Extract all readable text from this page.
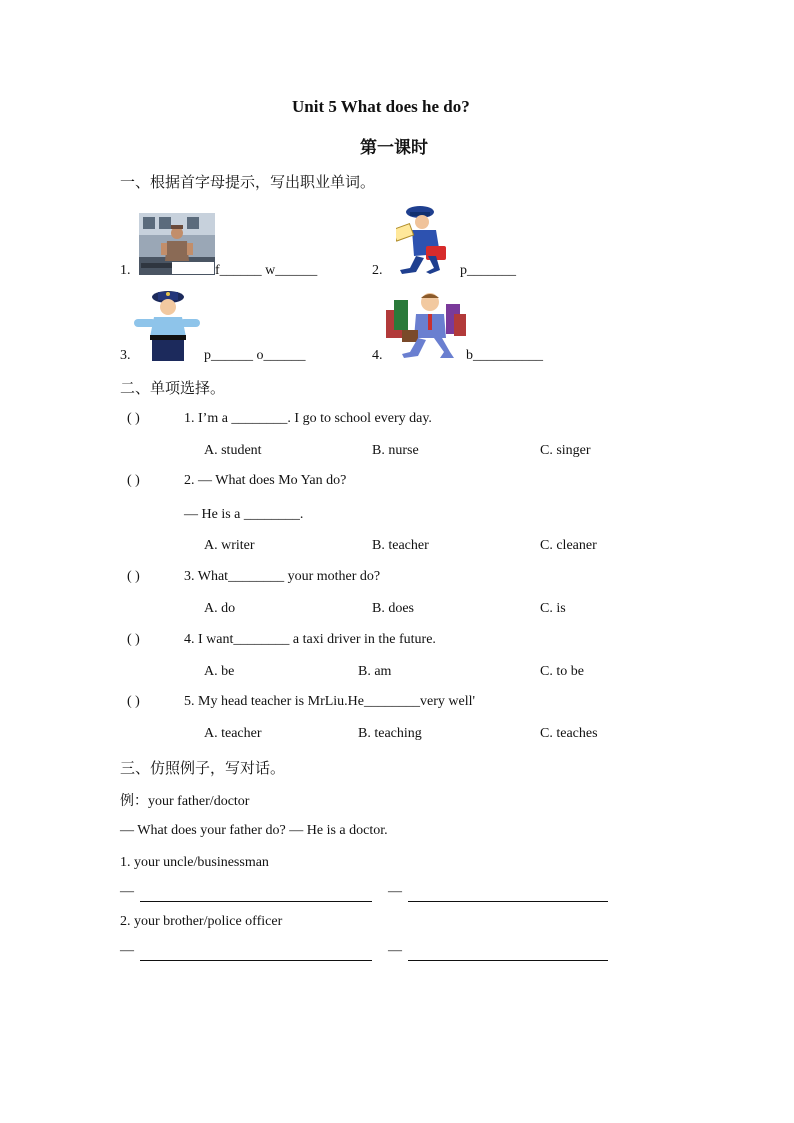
Unit 5 What does he do?
第一课时
一、根据首字母提示，写出职业单词。
1.	f______ w______	2.	p_______
3.	p______ o______	4.	b__________
二、单项选择。
( )	1. I’m a ________. I go to school every day.
A. student	B. nurse	C. singer
( )	2. — What does Mo Yan do?
— He is a ________.
A. writer	B. teacher	C. cleaner
( )	3. What________ your mother do?
A. do	B. does	C. is
( )	4. I want________ a taxi driver in the future.
A. be	B. am	C. to be
( )	5. My head teacher is MrLiu.He________very well'
A. teacher	B. teaching	C. teaches
三、仿照例子，写对话。
例：your father/doctor
— What does your father do? — He is a doctor.
1. your uncle/businessman
—	—
2. your brother/police officer
—	—
